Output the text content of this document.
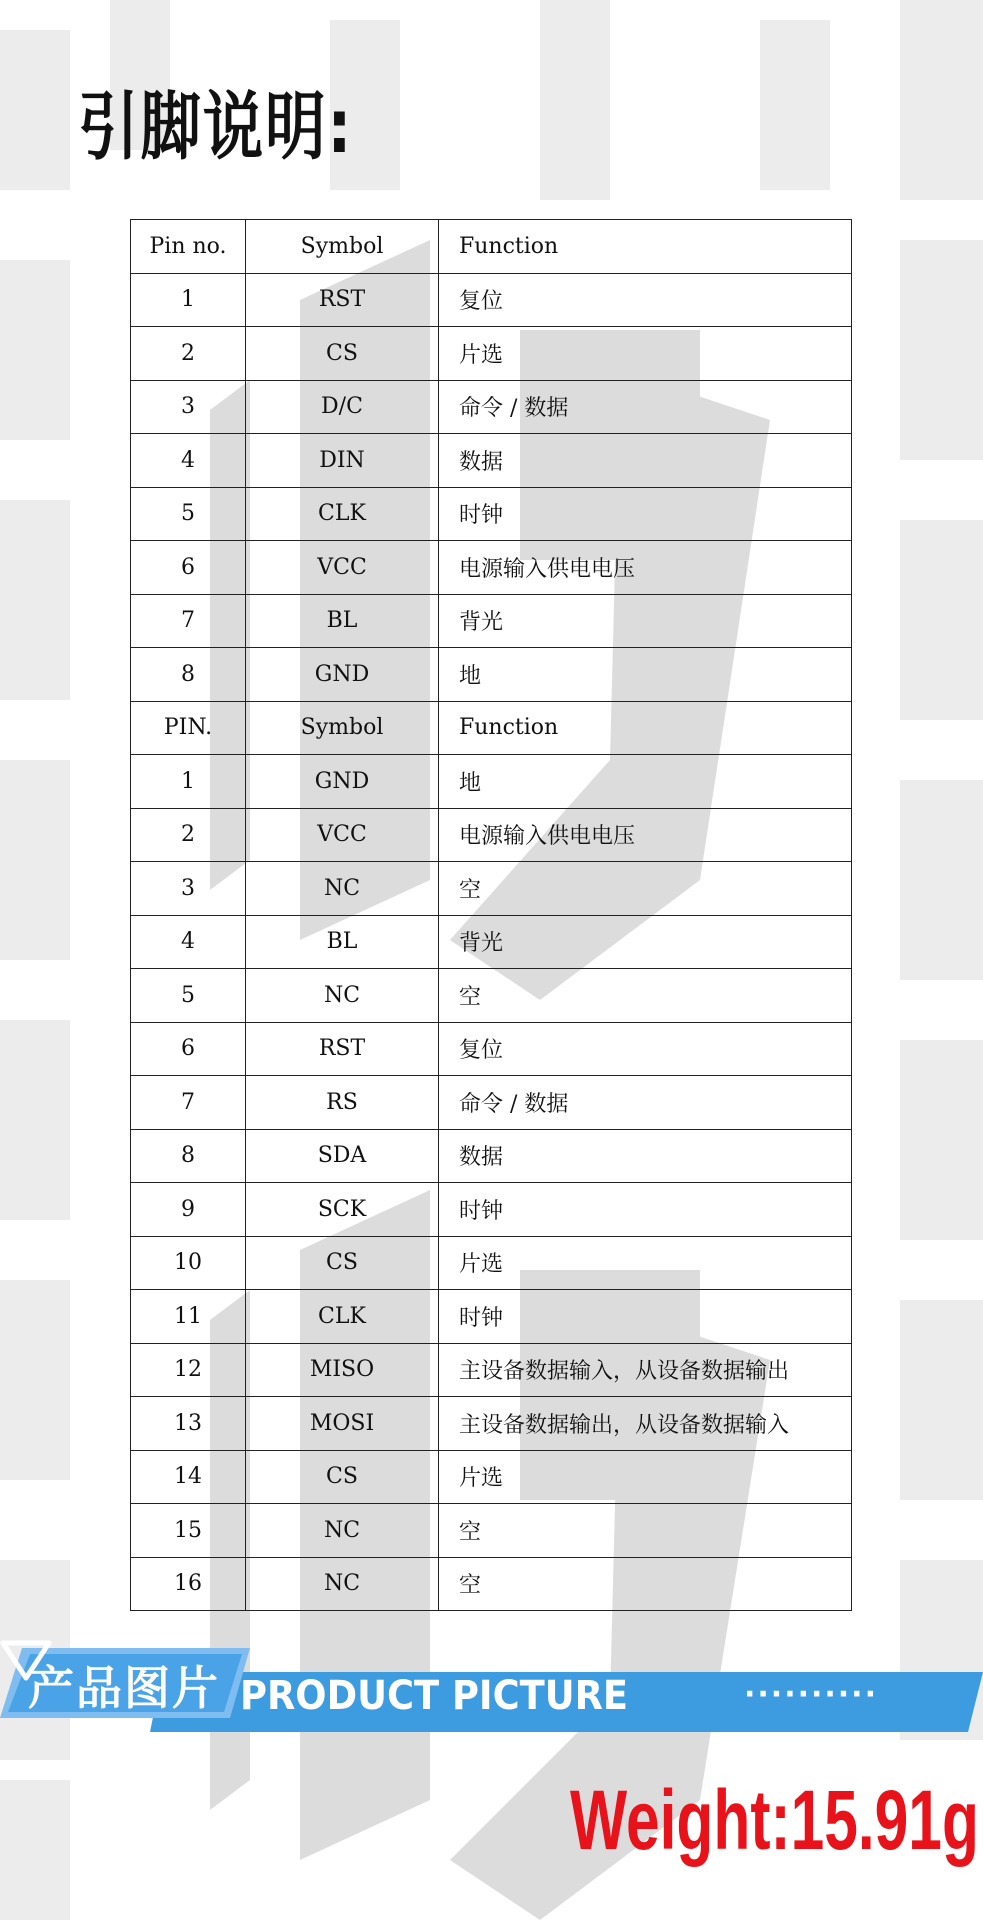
引脚说明:
Pin no.	Symbol	Function
1	RST	复位
2	CS	片选
3	D/C	命令 / 数据
4	DIN	数据
5	CLK	时钟
6	VCC	电源输入供电电压
7	BL	背光
8	GND	地
PIN.	Symbol	Function
1	GND	地
2	VCC	电源输入供电电压
3	NC	空
4	BL	背光
5	NC	空
6	RST	复位
7	RS	命令 / 数据
8	SDA	数据
9	SCK	时钟
10	CS	片选
11	CLK	时钟
12	MISO	主设备数据输入，从设备数据输出
13	MOSI	主设备数据输出，从设备数据输入
14	CS	片选
15	NC	空
16	NC	空
产品图片 PRODUCT PICTURE	··········
Weight:15.91g
